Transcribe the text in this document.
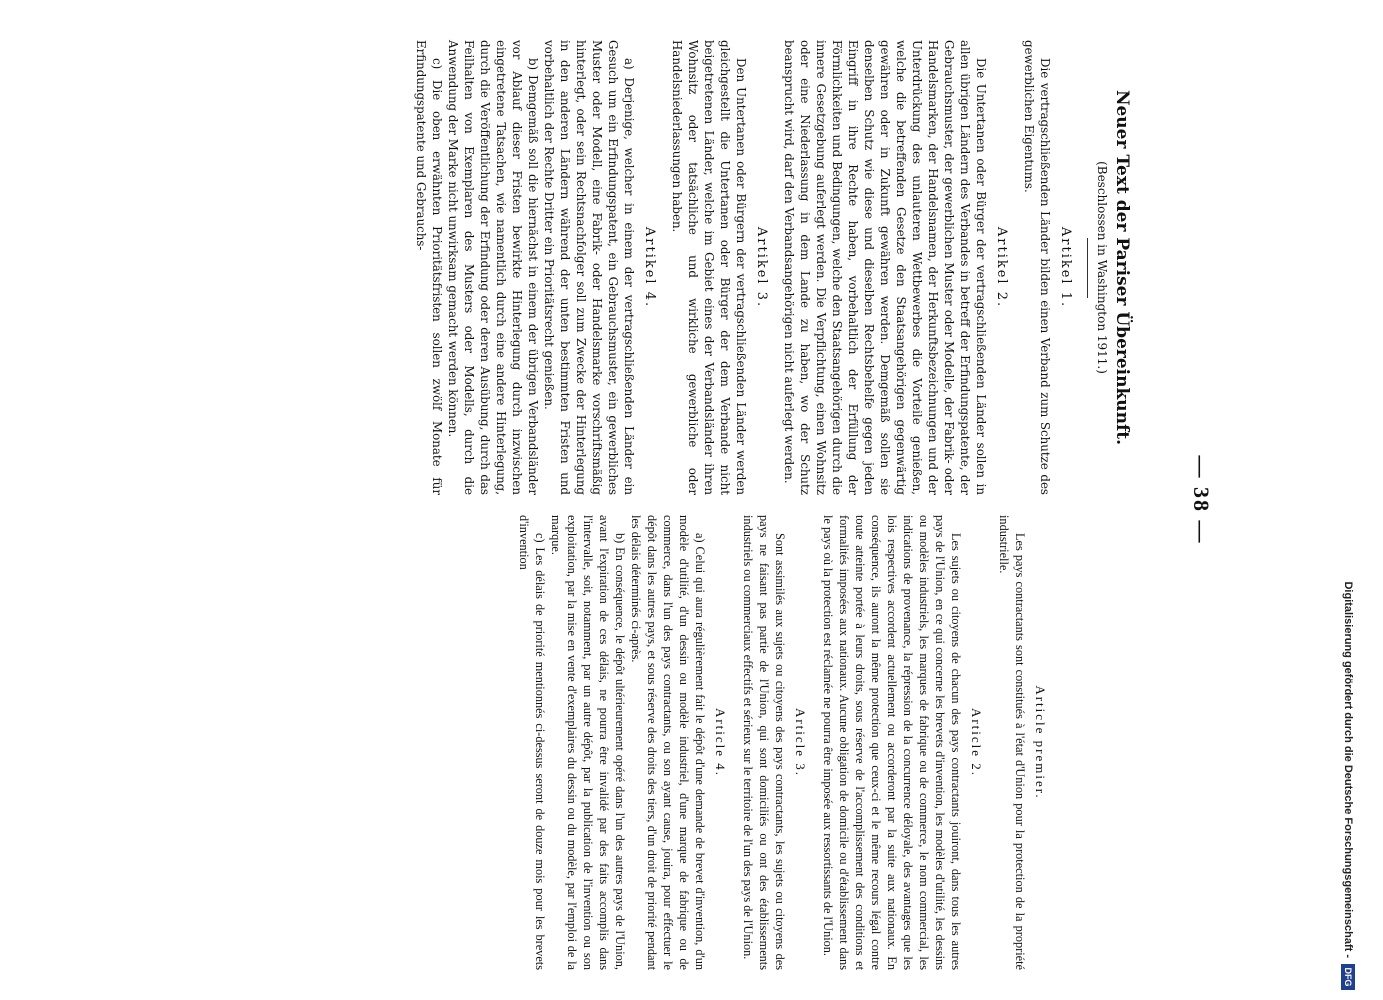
— 38 —
Neuer Text der Pariser Übereinkunft.
(Beschlossen in Washington 1911.)
Artikel 1.

Die vertragschließenden Länder bilden einen Verband zum Schutze des gewerblichen Eigentums.

Artikel 2.

Die Untertanen oder Bürger der vertragschließenden Länder sollen in allen übrigen Ländern des Verbandes in betreff der Erfindungspatente, der Gebrauchsmuster, der gewerblichen Muster oder Modelle, der Fabrik- oder Handelsmarken, der Handelsnamen, der Herkunftsbezeichnungen und der Unterdrückung des unlauteren Wettbewerbes die Vorteile genießen, welche die betreffenden Gesetze den Staatsangehörigen gegenwärtig gewähren oder in Zukunft gewähren werden. Demgemäß sollen sie denselben Schutz wie diese und dieselben Rechtsbehelfe gegen jeden Eingriff in ihre Rechte haben, vorbehaltlich der Erfüllung der Förmlichkeiten und Bedingungen, welche den Staatsangehörigen durch die innere Gesetzgebung auferlegt werden. Die Verpflichtung, einen Wohnsitz oder eine Niederlassung in dem Lande zu haben, wo der Schutz beansprucht wird, darf den Verbandsangehörigen nicht auferlegt werden.

Artikel 3.

Den Untertanen oder Bürgern der vertragschließenden Länder werden gleichgestellt die Untertanen oder Bürger der dem Verbande nicht beigetretenen Länder, welche im Gebiet eines der Verbandsländer ihren Wohnsitz oder tatsächliche und wirkliche gewerbliche oder Handelsniederlassungen haben.

Artikel 4.

a) Derjenige, welcher in einem der vertragschließenden Länder ein Gesuch um ein Erfindungspatent, ein Gebrauchsmuster, ein gewerbliches Muster oder Modell, eine Fabrik- oder Handelsmarke vorschriftsmäßig hinterlegt, oder sein Rechtsnachfolger soll zum Zwecke der Hinterlegung in den anderen Ländern während der unten bestimmten Fristen und vorbehaltlich der Rechte Dritter ein Prioritätsrecht genießen.

b) Demgemäß soll die hiernächst in einem der übrigen Verbandsländer vor Ablauf dieser Fristen bewirkte Hinterlegung durch inzwischen eingetretene Tatsachen, wie namentlich durch eine andere Hinterlegung, durch die Veröffentlichung der Erfindung oder deren Ausübung, durch das Feilhalten von Exemplaren des Musters oder Modells, durch die Anwendung der Marke nicht unwirksam gemacht werden können.

c) Die oben erwähnten Prioritätsfristen sollen zwölf Monate für Erfindungspatente und Gebrauchs-

Article premier.

Les pays contractants sont constitués à l'état d'Union pour la protection de la propriété industrielle.

Article 2.

Les sujets ou citoyens de chacun des pays contractants jouiront, dans tous les autres pays de l'Union, en ce qui concerne les brevets d'invention, les modèles d'utilité, les dessins ou modèles industriels, les marques de fabrique ou de commerce, le nom commercial, les indications de provenance, la répression de la concurrence déloyale, des avantages que les lois respectives accordent actuellement ou accorderont par la suite aux nationaux. En conséquence, ils auront la même protection que ceux-ci et le même recours légal contre toute atteinte portée à leurs droits, sous réserve de l'accomplissement des conditions et formalités imposées aux nationaux. Aucune obligation de domicile ou d'établissement dans le pays où la protection est réclamée ne pourra être imposée aux ressortissants de l'Union.

Article 3.

Sont assimilés aux sujets ou citoyens des pays contractants, les sujets ou citoyens des pays ne faisant pas partie de l'Union, qui sont domiciliés ou ont des établissements industriels ou commerciaux effectifs et sérieux sur le territoire de l'un des pays de l'Union.

Article 4.

a) Celui qui aura régulièrement fait le dépôt d'une demande de brevet d'invention, d'un modèle d'utilité, d'un dessin ou modèle industriel, d'une marque de fabrique ou de commerce, dans l'un des pays contractants, ou son ayant cause, jouira, pour effectuer le dépôt dans les autres pays, et sous réserve des droits des tiers, d'un droit de priorité pendant les délais déterminés ci-après.

b) En conséquence, le dépôt ultérieurement opéré dans l'un des autres pays de l'Union, avant l'expiration de ces délais, ne pourra être invalidé par des faits accomplis dans l'intervalle, soit, notamment, par un autre dépôt, par la publication de l'invention ou son exploitation, par la mise en vente d'exemplaires du dessin ou du modèle, par l'emploi de la marque.

c) Les délais de priorité mentionnés ci-dessus seront de douze mois pour les brevets d'invention

Digitalisierung gefördert durch die Deutsche Forschungsgemeinschaft -
DFG
